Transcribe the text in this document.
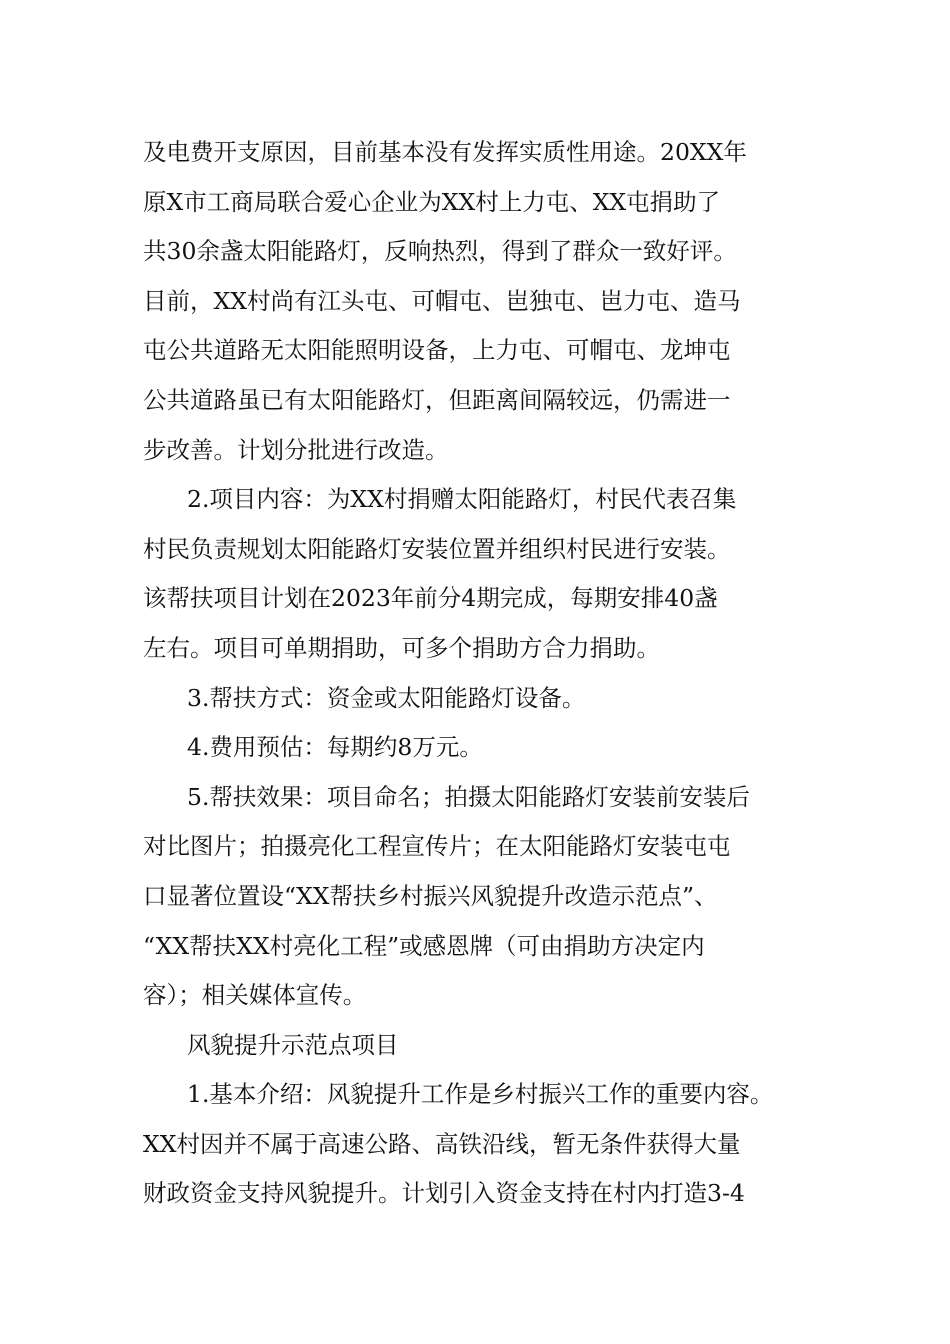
及电费开支原因，目前基本没有发挥实质性用途。20XX年
原X市工商局联合爱心企业为XX村上力屯、XX屯捐助了
共30余盏太阳能路灯，反响热烈，得到了群众一致好评。
目前，XX村尚有江头屯、可帽屯、岜独屯、岜力屯、造马
屯公共道路无太阳能照明设备，上力屯、可帽屯、龙坤屯
公共道路虽已有太阳能路灯，但距离间隔较远，仍需进一
步改善。计划分批进行改造。
2.项目内容：为XX村捐赠太阳能路灯，村民代表召集
村民负责规划太阳能路灯安装位置并组织村民进行安装。
该帮扶项目计划在2023年前分4期完成，每期安排40盏
左右。项目可单期捐助，可多个捐助方合力捐助。
3.帮扶方式：资金或太阳能路灯设备。
4.费用预估：每期约8万元。
5.帮扶效果：项目命名；拍摄太阳能路灯安装前安装后
对比图片；拍摄亮化工程宣传片；在太阳能路灯安装屯屯
口显著位置设“XX帮扶乡村振兴风貌提升改造示范点”、
“XX帮扶XX村亮化工程”或感恩牌（可由捐助方决定内
容）；相关媒体宣传。
风貌提升示范点项目
1.基本介绍：风貌提升工作是乡村振兴工作的重要内容。
XX村因并不属于高速公路、高铁沿线，暂无条件获得大量
财政资金支持风貌提升。计划引入资金支持在村内打造3-4
